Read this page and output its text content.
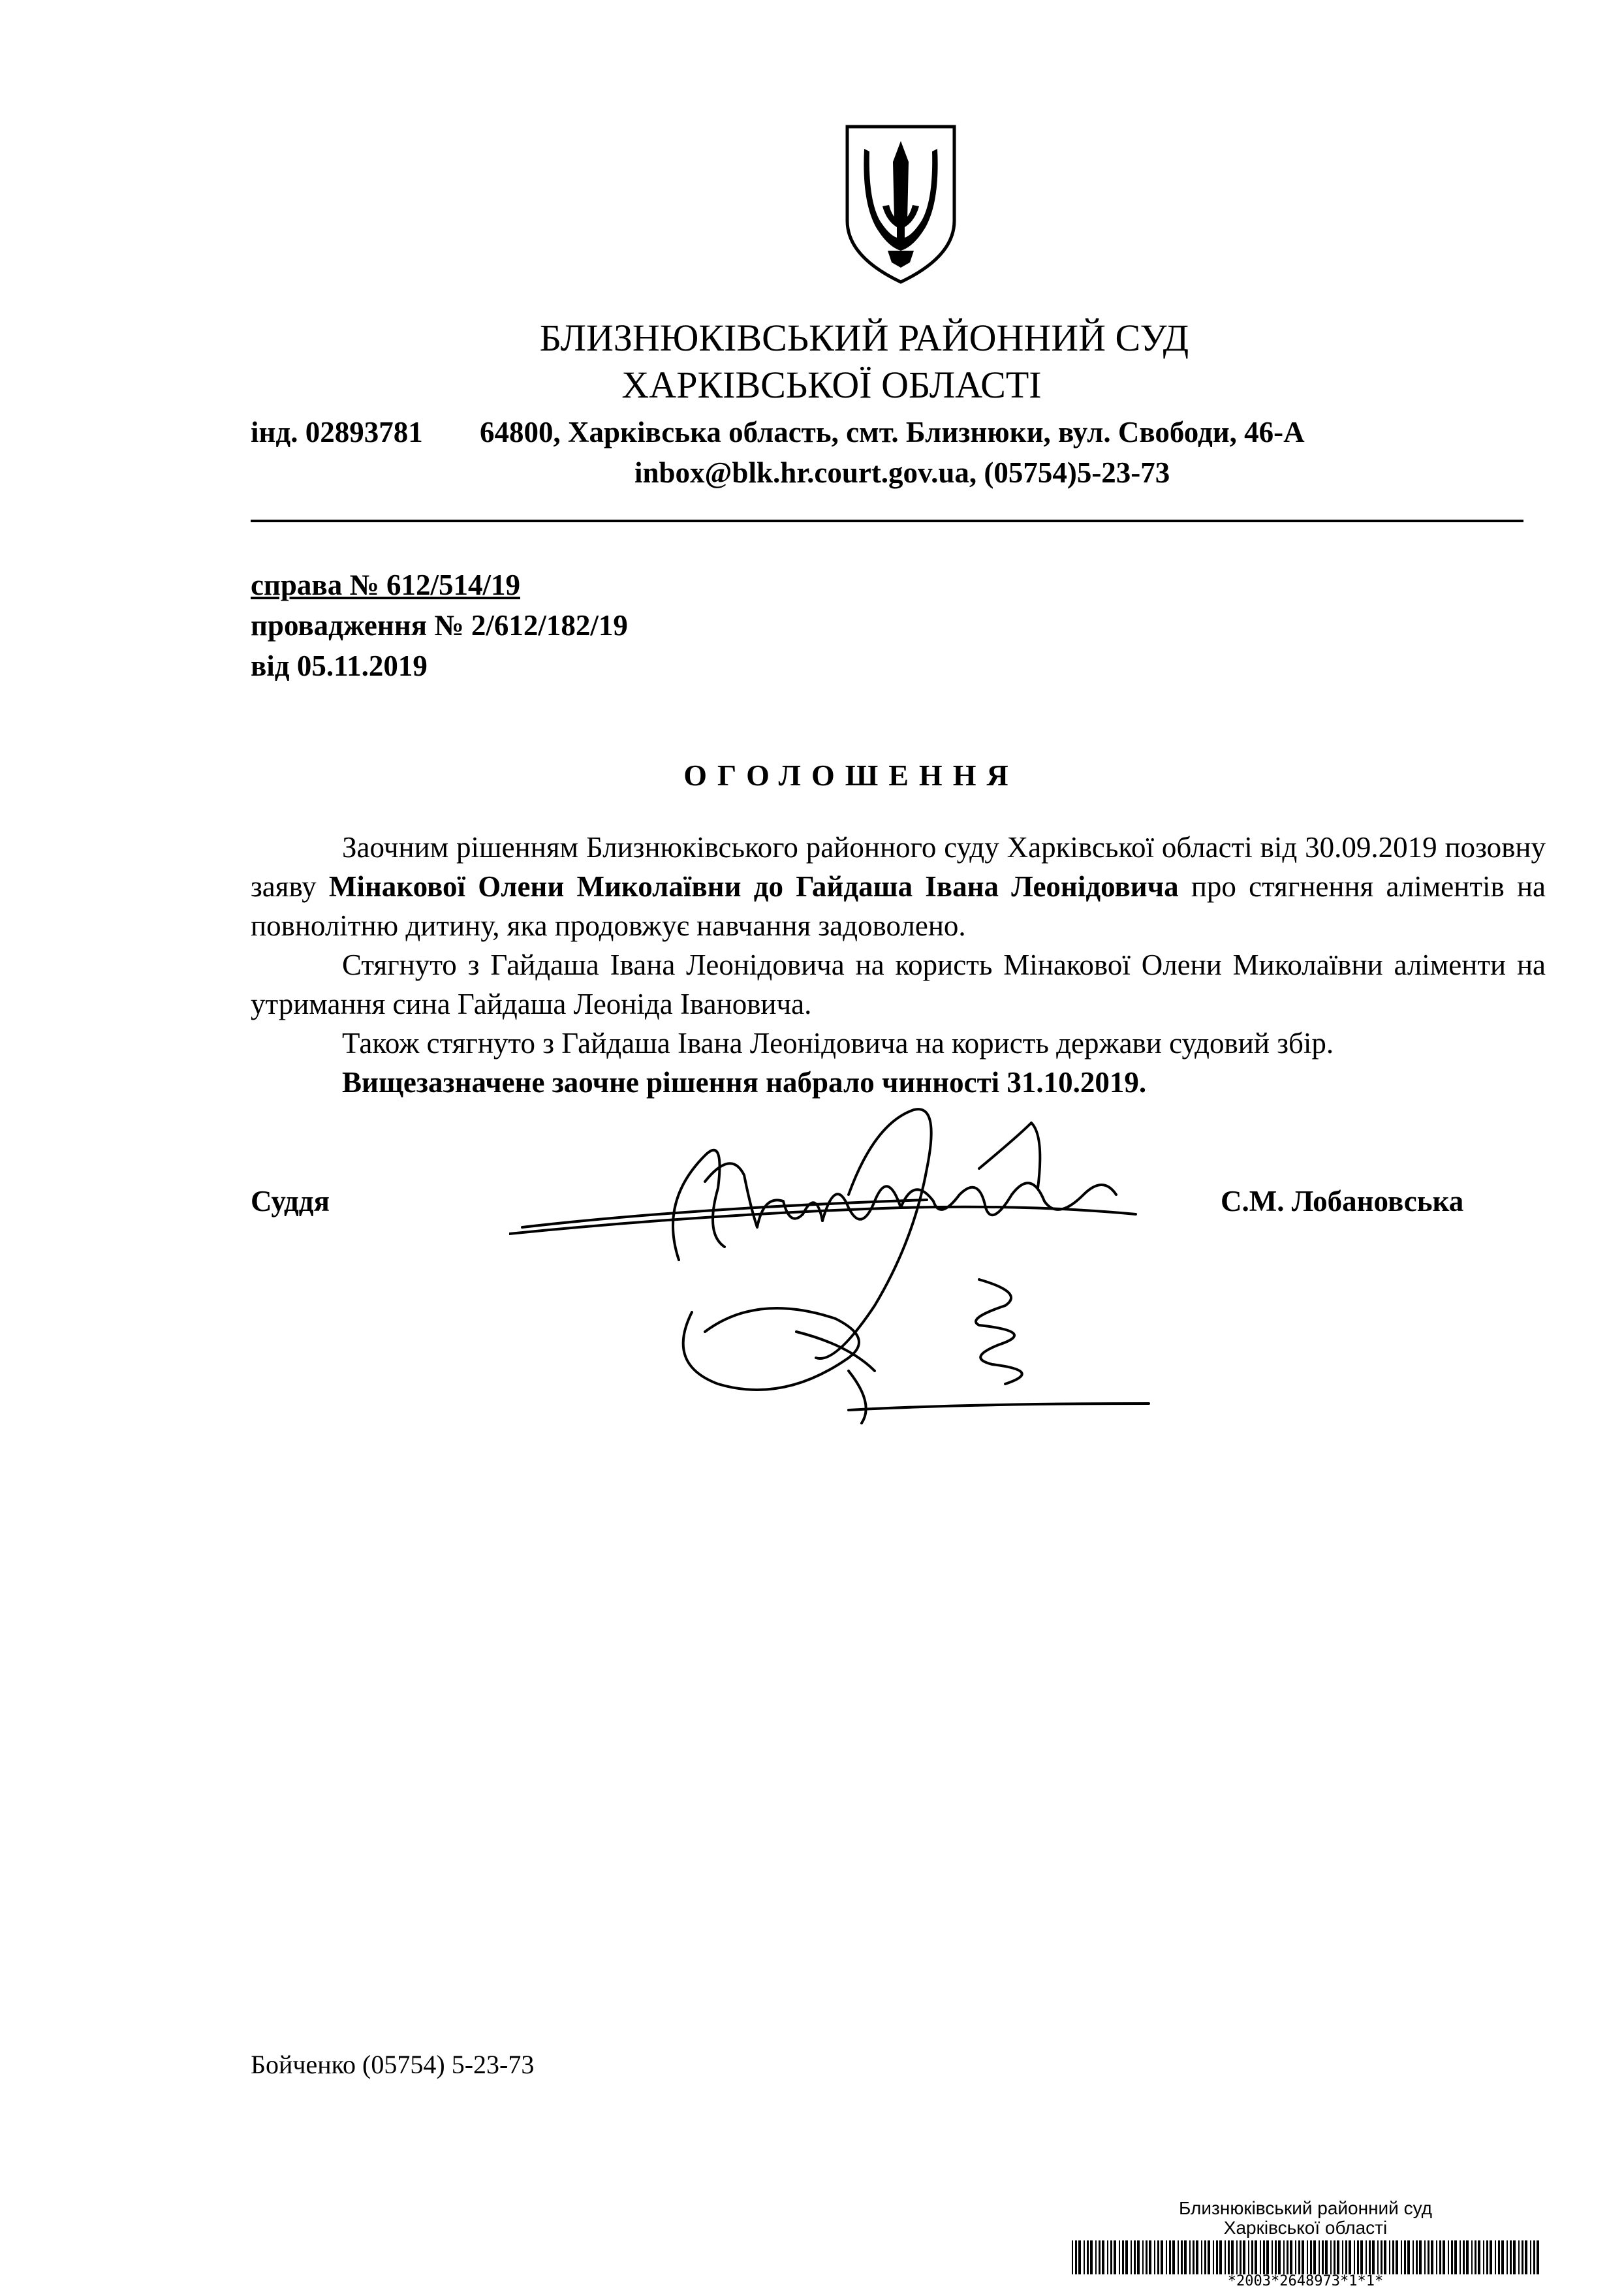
БЛИЗНЮКІВСЬКИЙ РАЙОННИЙ СУД
ХАРКІВСЬКОЇ ОБЛАСТІ
інд. 02893781 64800, Харківська область, смт. Близнюки, вул. Свободи, 46-А
inbox@blk.hr.court.gov.ua, (05754)5-23-73
справа № 612/514/19
провадження № 2/612/182/19
від 05.11.2019
ОГОЛОШЕННЯ

Заочним рішенням Близнюківського районного суду Харківської області від 30.09.2019 позовну заяву Мінакової Олени Миколаївни до Гайдаша Івана Леонідовича про стягнення аліментів на повнолітню дитину, яка продовжує навчання задоволено.

Стягнуто з Гайдаша Івана Леонідовича на користь Мінакової Олени Миколаївни аліменти на утримання сина Гайдаша Леоніда Івановича.

Також стягнуто з Гайдаша Івана Леонідовича на користь держави судовий збір.

Вищезазначене заочне рішення набрало чинності 31.10.2019.

Суддя	С.М. Лобановська
Бойченко (05754) 5-23-73
Близнюківський районний суд
Харківської області
*2003*2648973*1*1*
